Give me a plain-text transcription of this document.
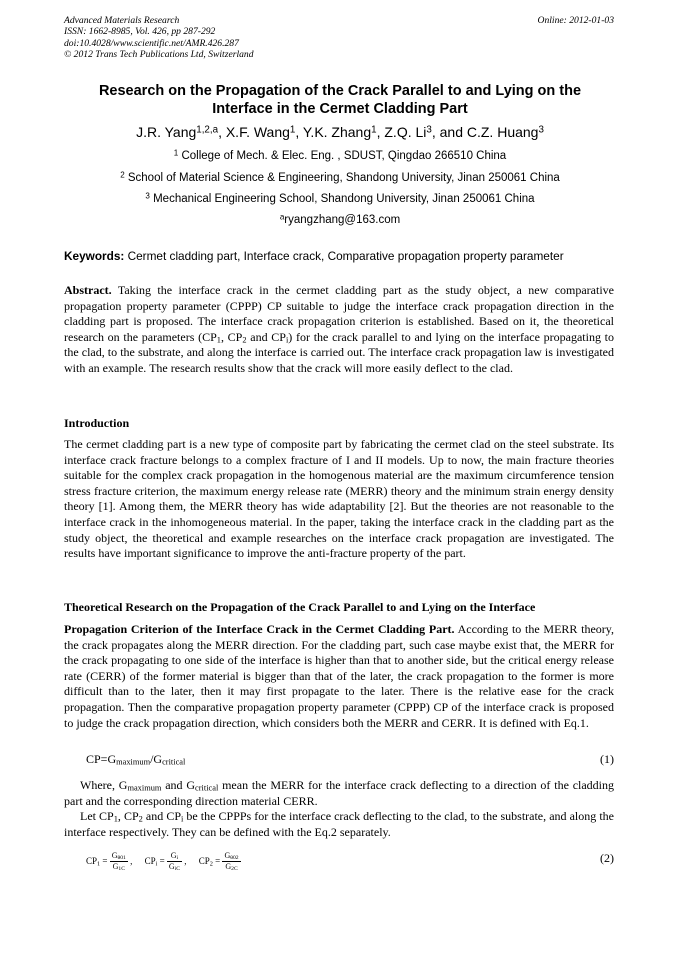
Advanced Materials Research
ISSN: 1662-8985, Vol. 426, pp 287-292
doi:10.4028/www.scientific.net/AMR.426.287
© 2012 Trans Tech Publications Ltd, Switzerland
Online: 2012-01-03
Research on the Propagation of the Crack Parallel to and Lying on the
Interface in the Cermet Cladding Part
J.R. Yang$^{1,2,a}$, X.F. Wang$^1$, Y.K. Zhang$^1$, Z.Q. Li$^3$, and C.Z. Huang$^3$
$^1$ College of Mech. & Elec. Eng. , SDUST, Qingdao 266510 China
$^2$ School of Material Science & Engineering, Shandong University, Jinan 250061 China
$^3$ Mechanical Engineering School, Shandong University, Jinan 250061 China
$^a$ryangzhang@163.com
Keywords: Cermet cladding part, Interface crack, Comparative propagation property parameter
Abstract. Taking the interface crack in the cermet cladding part as the study object, a new comparative propagation property parameter (CPPP) CP suitable to judge the interface crack propagation direction in the cladding part is proposed. The interface crack propagation criterion is established. Based on it, the theoretical research on the parameters ($CP_1$, $CP_2$ and $CP_i$) for the crack parallel to and lying on the interface propagating to the clad, to the substrate, and along the interface is carried out. The interface crack propagation law is investigated with an example. The research results show that the crack will more easily deflect to the clad.
Introduction
The cermet cladding part is a new type of composite part by fabricating the cermet clad on the steel substrate. Its interface crack fracture belongs to a complex fracture of I and II models. Up to now, the main fracture theories suitable for the complex crack propagation in the homogenous material are the maximum circumference tension stress fracture criterion, the maximum energy release rate (MERR) theory and the minimum strain energy density theory [1]. Among them, the MERR theory has wide adaptability [2]. But the theories are not reasonable to the interface crack in the inhomogeneous material. In the paper, taking the interface crack in the cladding part as the study object, the theoretical and example researches on the interface crack propagation are investigated. The results have important significance to improve the anti-fracture property of the part.
Theoretical Research on the Propagation of the Crack Parallel to and Lying on the Interface
Propagation Criterion of the Interface Crack in the Cermet Cladding Part. According to the MERR theory, the crack propagates along the MERR direction. For the cladding part, such case maybe exist that, the MERR for the crack propagating to one side of the interface is higher than that to another side, but the critical energy release rate (CERR) of the former material is bigger than that of the later, the crack propagation to the former is more difficult than to the later, then it may first propagate to the later. There is the relative ease for the crack propagation. Then the comparative propagation property parameter (CPPP) CP of the interface crack is proposed to judge the crack propagation direction, which considers both the MERR and CERR. It is defined with Eq.1.
$CP=G_{maximum}/G_{critical}$	(1)
Where, $G_{maximum}$ and $G_{critical}$ mean the MERR for the interface crack deflecting to a direction of the cladding part and the corresponding direction material CERR.
Let $CP_1$, $CP_2$ and $CP_i$ be the CPPPs for the interface crack deflecting to the clad, to the substrate, and along the interface respectively. They can be defined with the Eq.2 separately.
$CP_1 = \frac{G_{\theta 01}}{G_{1C}}$ , $CP_i = \frac{G_i}{G_{iC}}$ , $CP_2 = \frac{G_{\theta 02}}{G_{2C}}$	(2)
